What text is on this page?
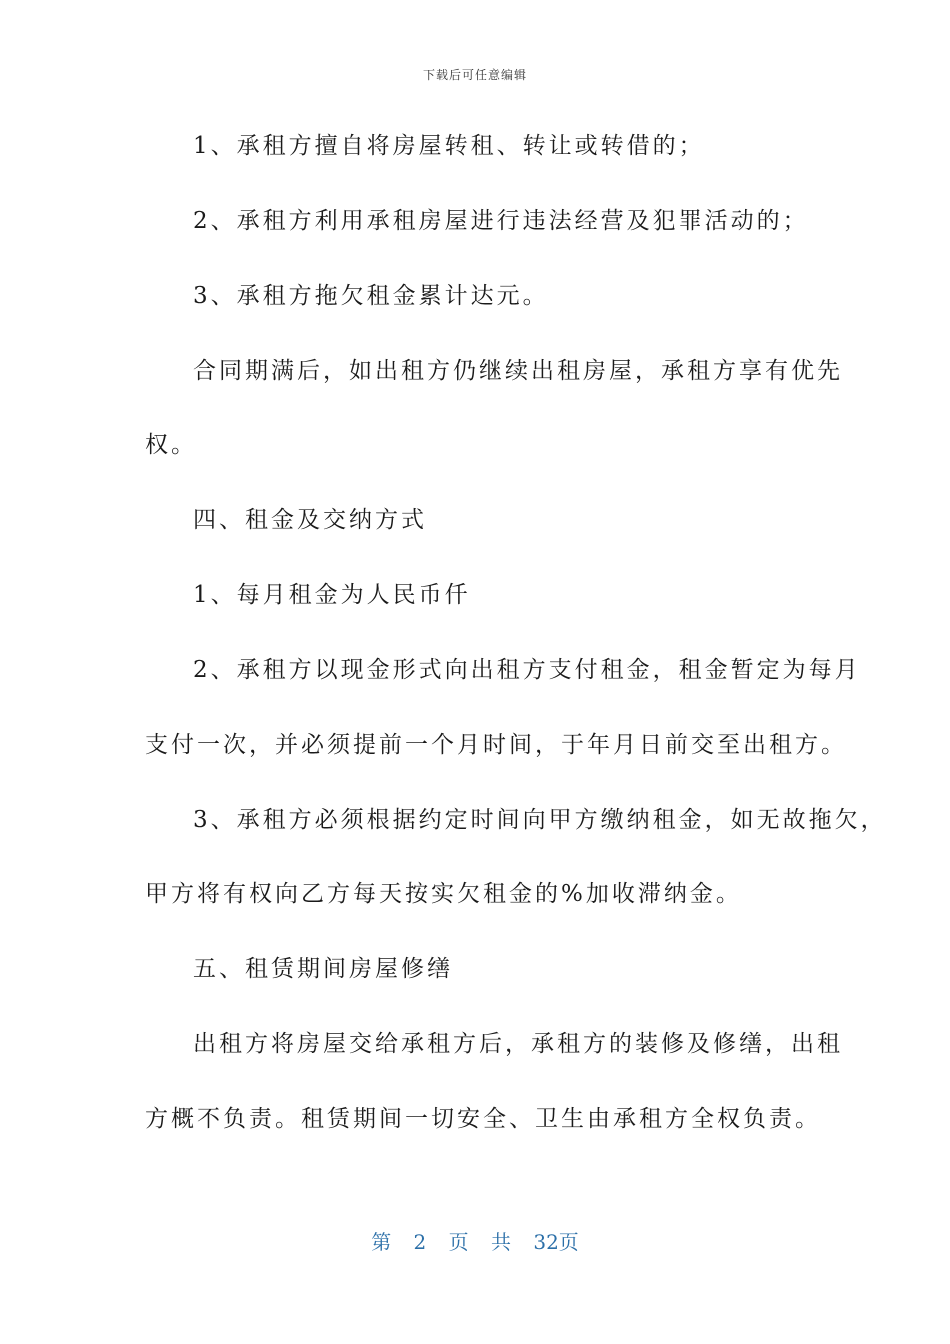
下载后可任意编辑
1、承租方擅自将房屋转租、转让或转借的；
2、承租方利用承租房屋进行违法经营及犯罪活动的；
3、承租方拖欠租金累计达元。
合同期满后，如出租方仍继续出租房屋，承租方享有优先
权。
四、租金及交纳方式
1、每月租金为人民币仟
2、承租方以现金形式向出租方支付租金，租金暂定为每月
支付一次，并必须提前一个月时间，于年月日前交至出租方。
3、承租方必须根据约定时间向甲方缴纳租金，如无故拖欠，
甲方将有权向乙方每天按实欠租金的%加收滞纳金。
五、租赁期间房屋修缮
出租方将房屋交给承租方后，承租方的装修及修缮，出租
方概不负责。租赁期间一切安全、卫生由承租方全权负责。
第 2 页 共 32页
